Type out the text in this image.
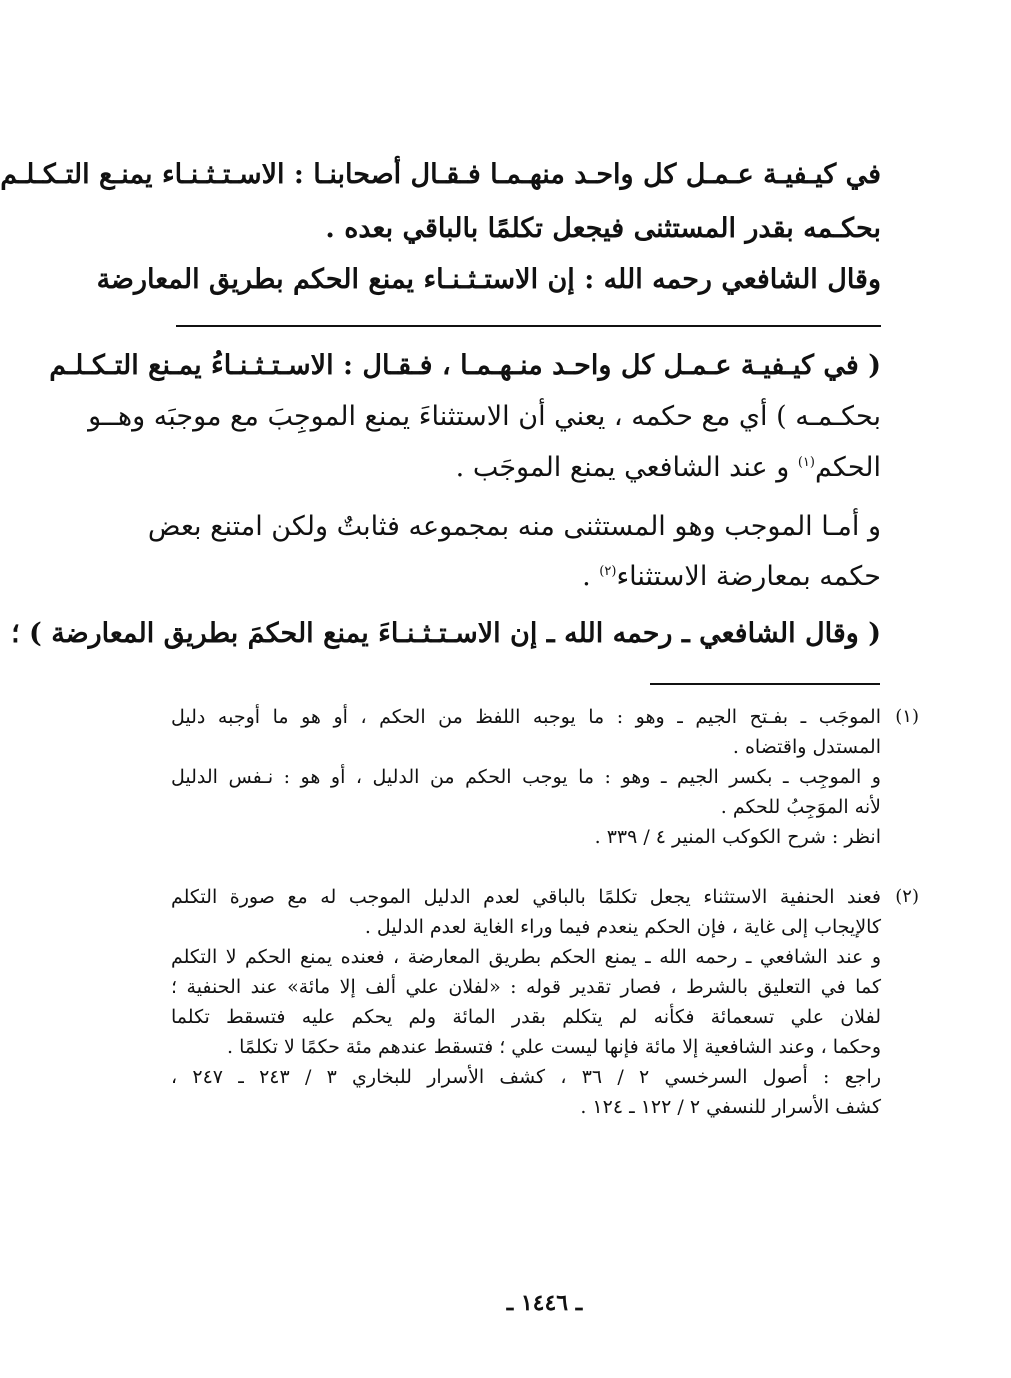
في كيـفيـة عـمـل كل واحـد منهـمـا فـقـال أصحابنـا : الاسـتـثـنـاء يمنـع التـكـلـم
بحكـمه بقدر المستثنى فيجعل تكلمًا بالباقي بعده .
وقال الشافعي رحمه الله : إن الاستـثـنـاء يمنع الحكم بطريق المعارضة
( في كيـفيـة عـمـل كل واحـد منـهـمـا ، فـقـال : الاسـتـثـنـاءُ يمـنع التـكـلـم
بحكـمـه ) أي مع حكمه ، يعني أن الاستثناءَ يمنع الموجِبَ مع موجبَه وهــو
الحكم$^{(١)}$ و عند الشافعي يمنع الموجَب .
و أمـا الموجب وهو المستثنى منه بمجموعه فثابتٌ ولكن امتنع بعض
حكمه بمعارضة الاستثناء$^{(٢)}$ .
( وقال الشافعي ـ رحمه الله ـ إن الاسـتـثـنـاءَ يمنع الحكمَ بطريق المعارضة ) ؛
(١)
الموجَب ـ بفـتح الجيم ـ وهو : ما يوجبه اللفظ من الحكم ، أو هو ما أوجبه دليل
المستدل واقتضاه .
و الموجِب ـ بكسر الجيم ـ وهو : ما يوجب الحكم من الدليل ، أو هو : نـفس الدليل
لأنه الموَجِبُ للحكم .
انظر : شرح الكوكب المنير ٤ / ٣٣٩ .
(٢)
فعند الحنفية الاستثناء يجعل تكلمًا بالباقي لعدم الدليل الموجب له مع صورة التكلم
كالإيجاب إلى غاية ، فإن الحكم ينعدم فيما وراء الغاية لعدم الدليل .
و عند الشافعي ـ رحمه الله ـ يمنع الحكم بطريق المعارضة ، فعنده يمنع الحكم لا التكلم
كما في التعليق بالشرط ، فصار تقدير قوله : «لفلان علي ألف إلا مائة» عند الحنفية ؛
لفلان علي تسعمائة فكأنه لم يتكلم بقدر المائة ولم يحكم عليه فتسقط تكلما
وحكما ، وعند الشافعية إلا مائة فإنها ليست علي ؛ فتسقط عندهم مئة حكمًا لا تكلمًا .
راجع : أصول السرخسي ٢ / ٣٦ ، كشف الأسرار للبخاري ٣ / ٢٤٣ ـ ٢٤٧ ،
كشف الأسرار للنسفي ٢ / ١٢٢ ـ ١٢٤ .
ـ ١٤٤٦ ـ
